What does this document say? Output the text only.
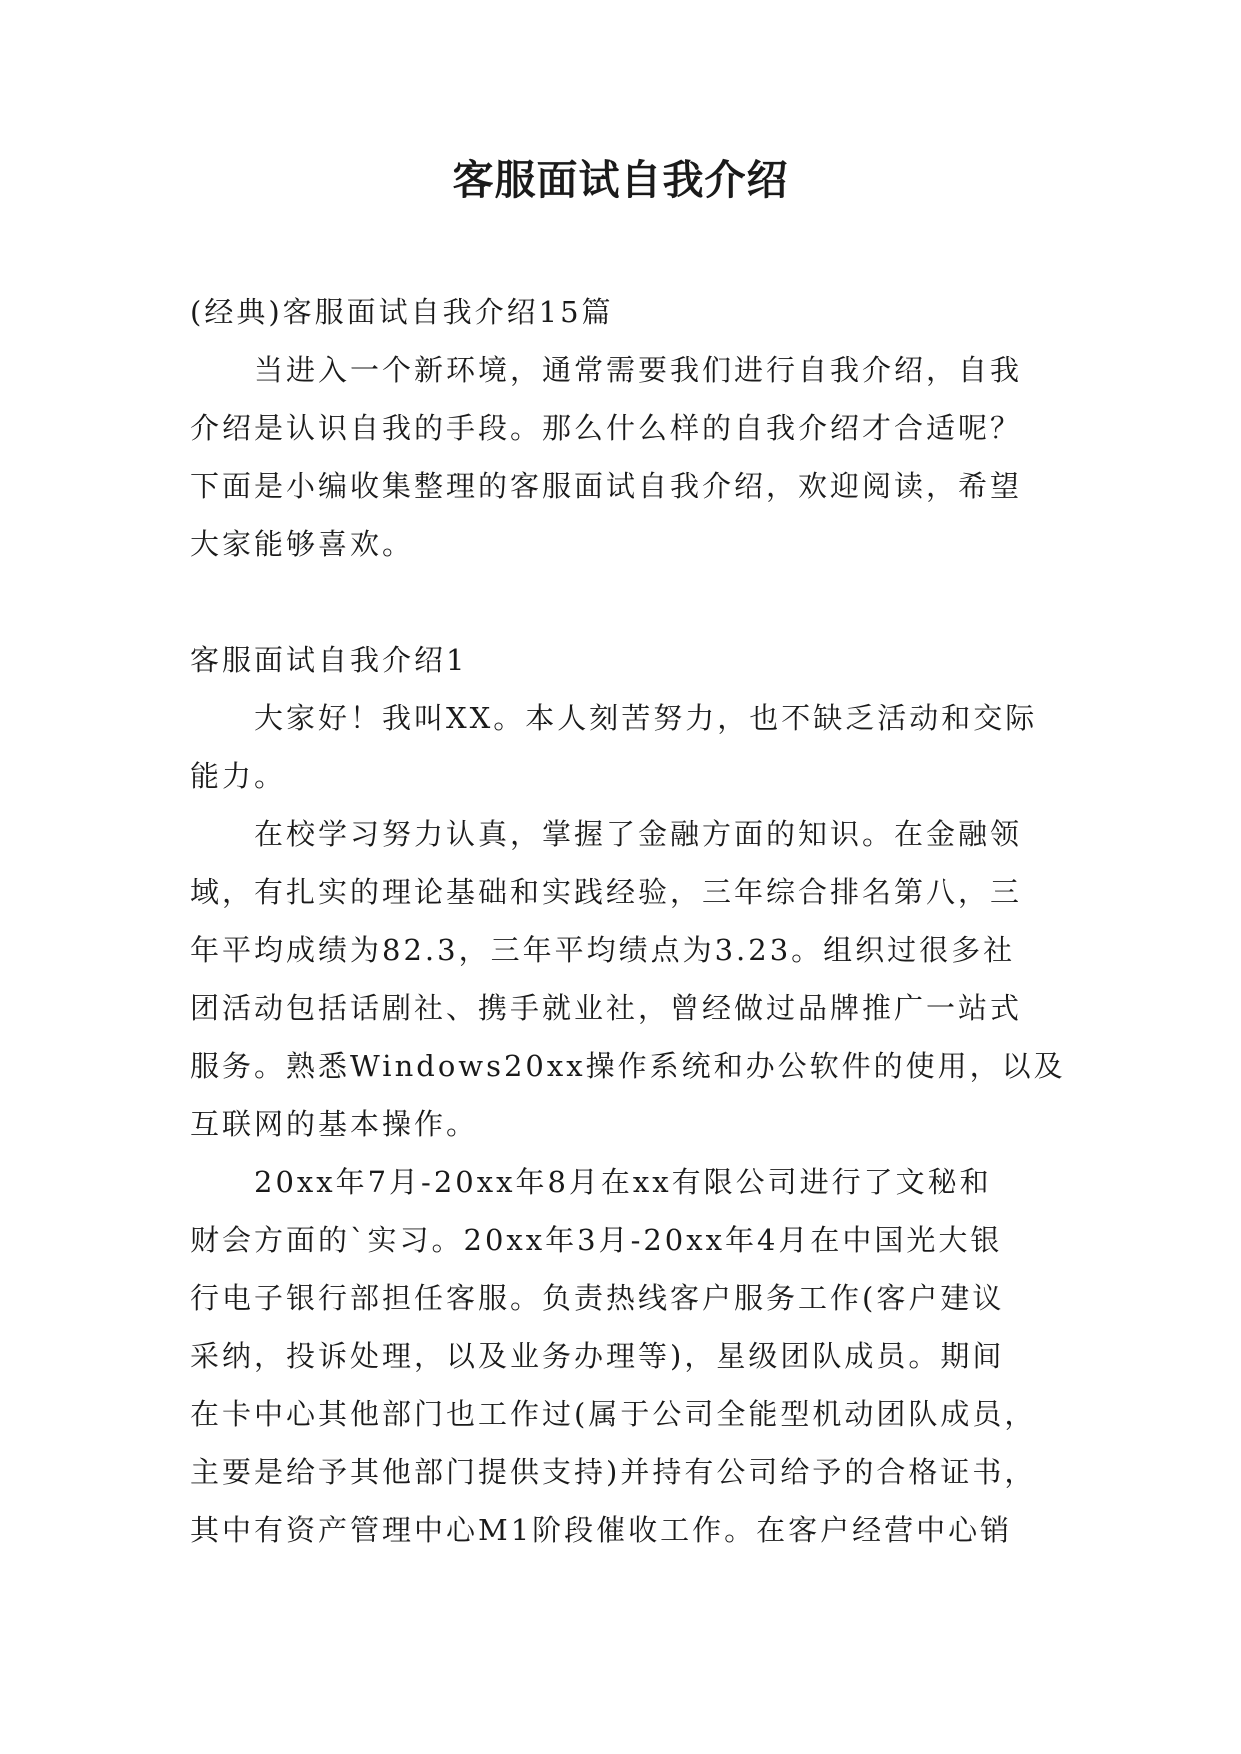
客服面试自我介绍
(经典)客服面试自我介绍15篇
当进入一个新环境，通常需要我们进行自我介绍，自我
介绍是认识自我的手段。那么什么样的自我介绍才合适呢？
下面是小编收集整理的客服面试自我介绍，欢迎阅读，希望
大家能够喜欢。
客服面试自我介绍1
大家好！我叫XX。本人刻苦努力，也不缺乏活动和交际
能力。
在校学习努力认真，掌握了金融方面的知识。在金融领
域，有扎实的理论基础和实践经验，三年综合排名第八，三
年平均成绩为82.3，三年平均绩点为3.23。组织过很多社
团活动包括话剧社、携手就业社，曾经做过品牌推广一站式
服务。熟悉Windows20xx操作系统和办公软件的使用，以及
互联网的基本操作。
20xx年7月-20xx年8月在xx有限公司进行了文秘和
财会方面的`实习。20xx年3月-20xx年4月在中国光大银
行电子银行部担任客服。负责热线客户服务工作(客户建议
采纳，投诉处理，以及业务办理等)，星级团队成员。期间
在卡中心其他部门也工作过(属于公司全能型机动团队成员，
主要是给予其他部门提供支持)并持有公司给予的合格证书，
其中有资产管理中心M1阶段催收工作。在客户经营中心销
